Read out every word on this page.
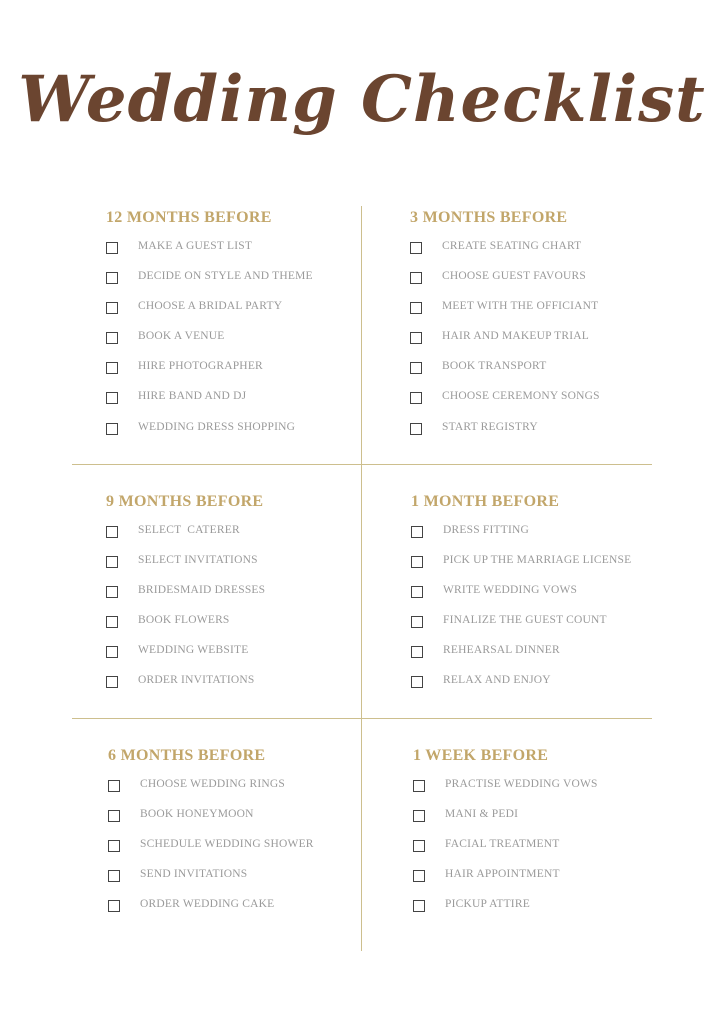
Wedding Checklist
12 MONTHS BEFORE
MAKE A GUEST LIST
DECIDE ON STYLE AND THEME
CHOOSE A BRIDAL PARTY
BOOK A VENUE
HIRE PHOTOGRAPHER
HIRE BAND AND DJ
WEDDING DRESS SHOPPING
3 MONTHS BEFORE
CREATE SEATING CHART
CHOOSE GUEST FAVOURS
MEET WITH THE OFFICIANT
HAIR AND MAKEUP TRIAL
BOOK TRANSPORT
CHOOSE CEREMONY SONGS
START REGISTRY
9 MONTHS BEFORE
SELECT  CATERER
SELECT INVITATIONS
BRIDESMAID DRESSES
BOOK FLOWERS
WEDDING WEBSITE
ORDER INVITATIONS
1 MONTH BEFORE
DRESS FITTING
PICK UP THE MARRIAGE LICENSE
WRITE WEDDING VOWS
FINALIZE THE GUEST COUNT
REHEARSAL DINNER
RELAX AND ENJOY
6 MONTHS BEFORE
CHOOSE WEDDING RINGS
BOOK HONEYMOON
SCHEDULE WEDDING SHOWER
SEND INVITATIONS
ORDER WEDDING CAKE
1 WEEK BEFORE
PRACTISE WEDDING VOWS
MANI & PEDI
FACIAL TREATMENT
HAIR APPOINTMENT
PICKUP ATTIRE
